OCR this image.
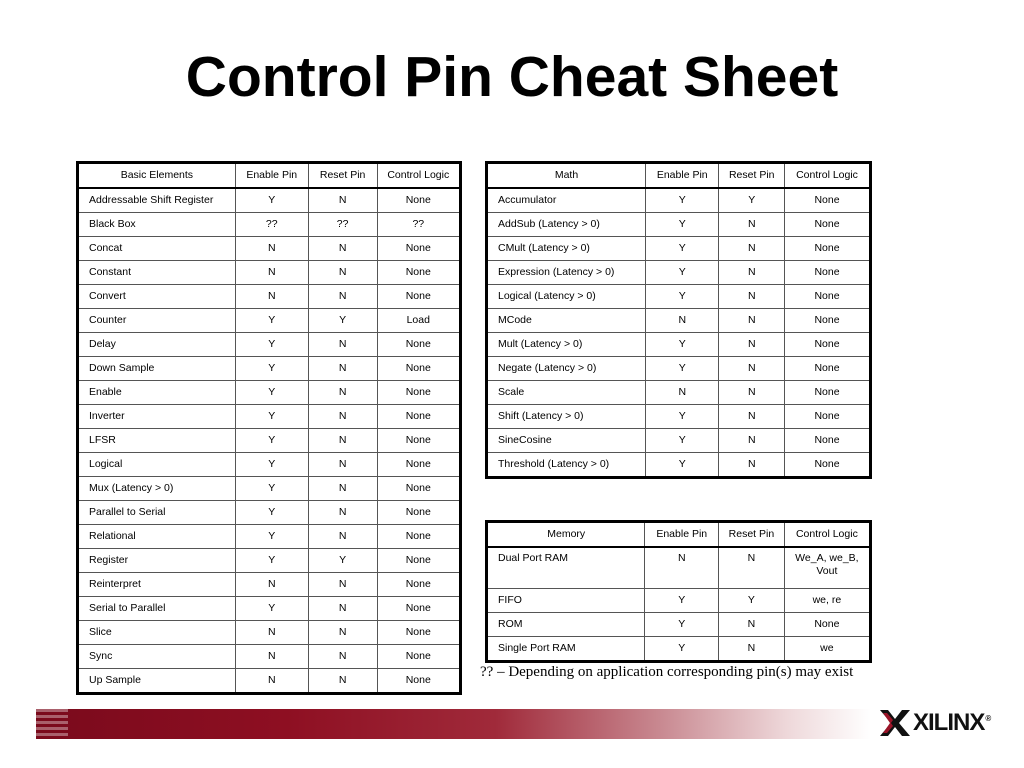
Control Pin Cheat Sheet
Basic Elements	Enable Pin	Reset Pin	Control Logic
Addressable Shift Register	Y	N	None
Black Box	??	??	??
Concat	N	N	None
Constant	N	N	None
Convert	N	N	None
Counter	Y	Y	Load
Delay	Y	N	None
Down Sample	Y	N	None
Enable	Y	N	None
Inverter	Y	N	None
LFSR	Y	N	None
Logical	Y	N	None
Mux (Latency > 0)	Y	N	None
Parallel to Serial	Y	N	None
Relational	Y	N	None
Register	Y	Y	None
Reinterpret	N	N	None
Serial to Parallel	Y	N	None
Slice	N	N	None
Sync	N	N	None
Up Sample	N	N	None
Math	Enable Pin	Reset Pin	Control Logic
Accumulator	Y	Y	None
AddSub (Latency > 0)	Y	N	None
CMult (Latency > 0)	Y	N	None
Expression (Latency > 0)	Y	N	None
Logical (Latency > 0)	Y	N	None
MCode	N	N	None
Mult (Latency > 0)	Y	N	None
Negate (Latency > 0)	Y	N	None
Scale	N	N	None
Shift (Latency > 0)	Y	N	None
SineCosine	Y	N	None
Threshold (Latency > 0)	Y	N	None
Memory	Enable Pin	Reset Pin	Control Logic
Dual Port RAM	N	N	We_A, we_B, Vout
FIFO	Y	Y	we, re
ROM	Y	N	None
Single Port RAM	Y	N	we
?? – Depending on application corresponding pin(s) may exist
XILINX®
